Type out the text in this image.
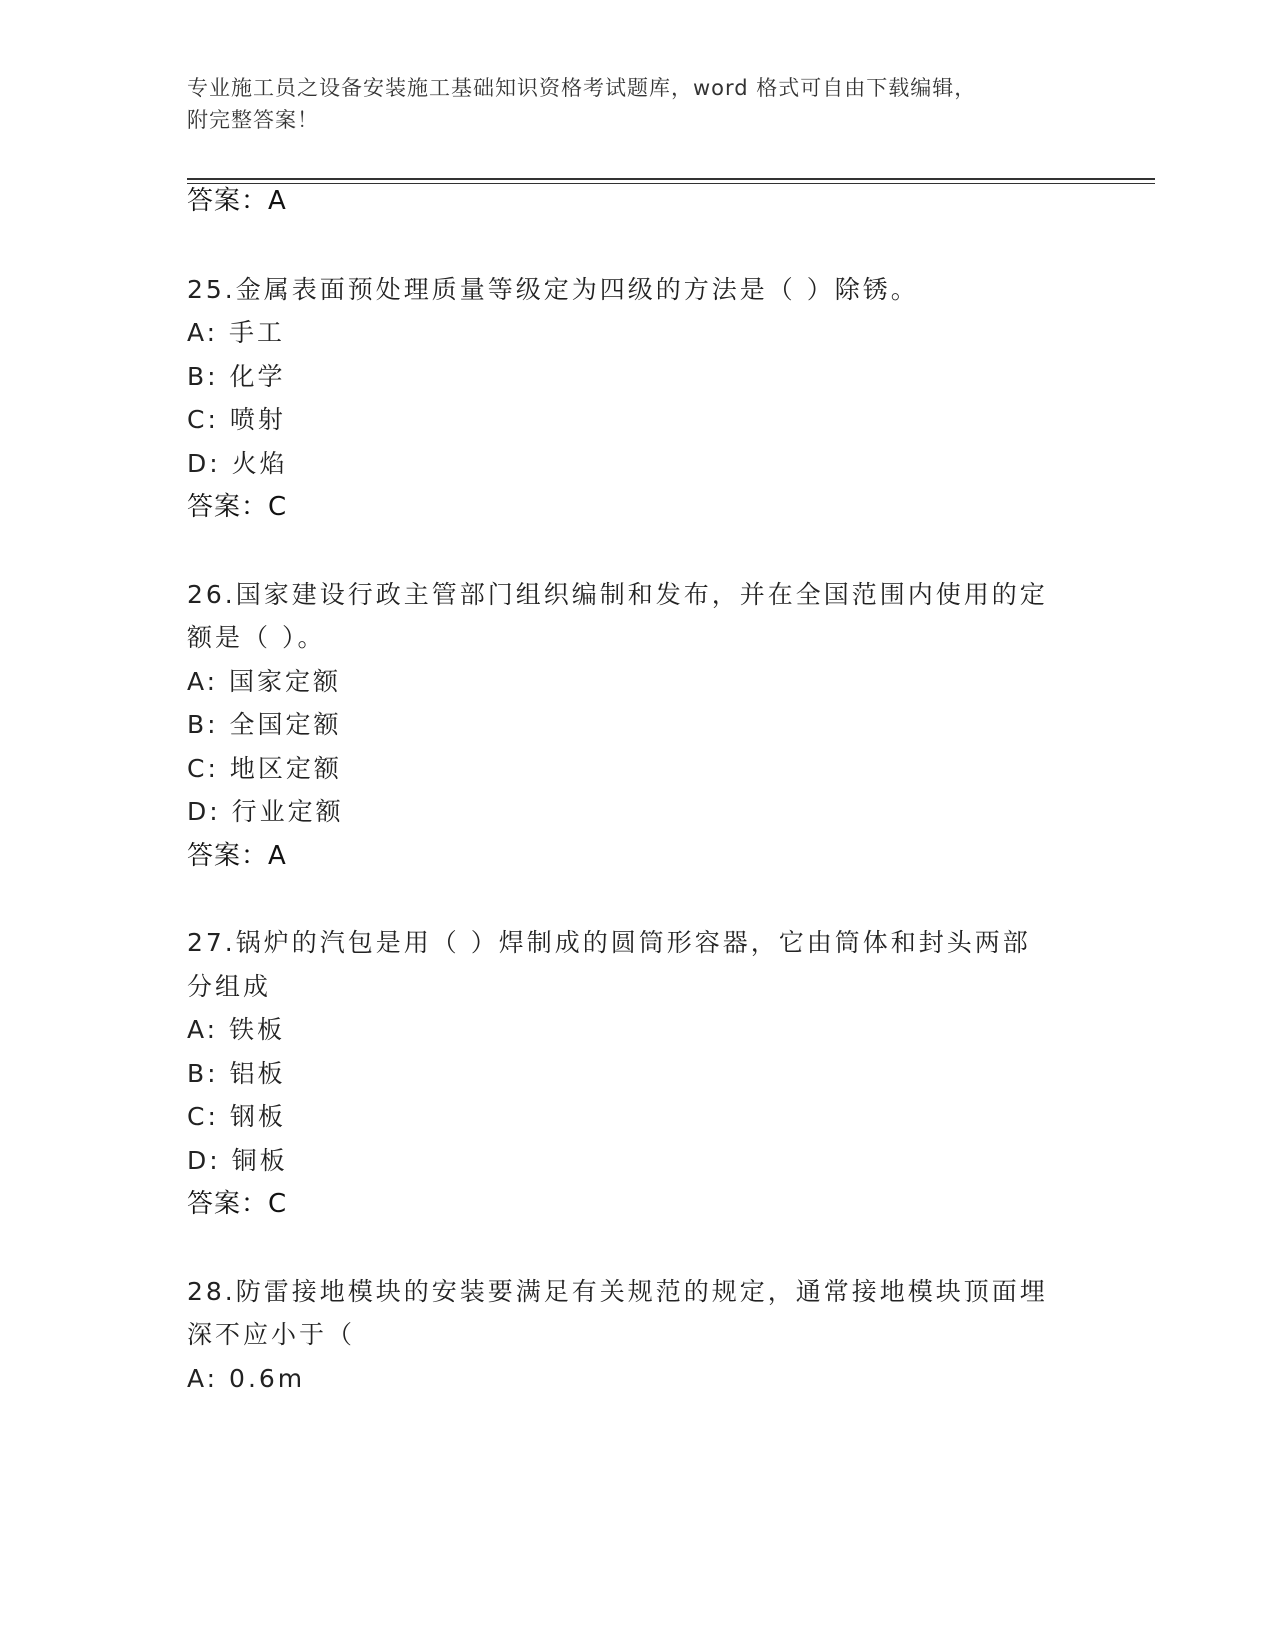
专业施工员之设备安装施工基础知识资格考试题库，word 格式可自由下载编辑，
附完整答案！
答案：A
25.金属表面预处理质量等级定为四级的方法是（ ）除锈。
A: 手工
B: 化学
C: 喷射
D: 火焰
答案：C
26.国家建设行政主管部门组织编制和发布，并在全国范围内使用的定
额是（ ）。
A: 国家定额
B: 全国定额
C: 地区定额
D: 行业定额
答案：A
27.锅炉的汽包是用（ ）焊制成的圆筒形容器，它由筒体和封头两部
分组成
A: 铁板
B: 铝板
C: 钢板
D: 铜板
答案：C
28.防雷接地模块的安装要满足有关规范的规定，通常接地模块顶面埋
深不应小于（
A: 0.6m
